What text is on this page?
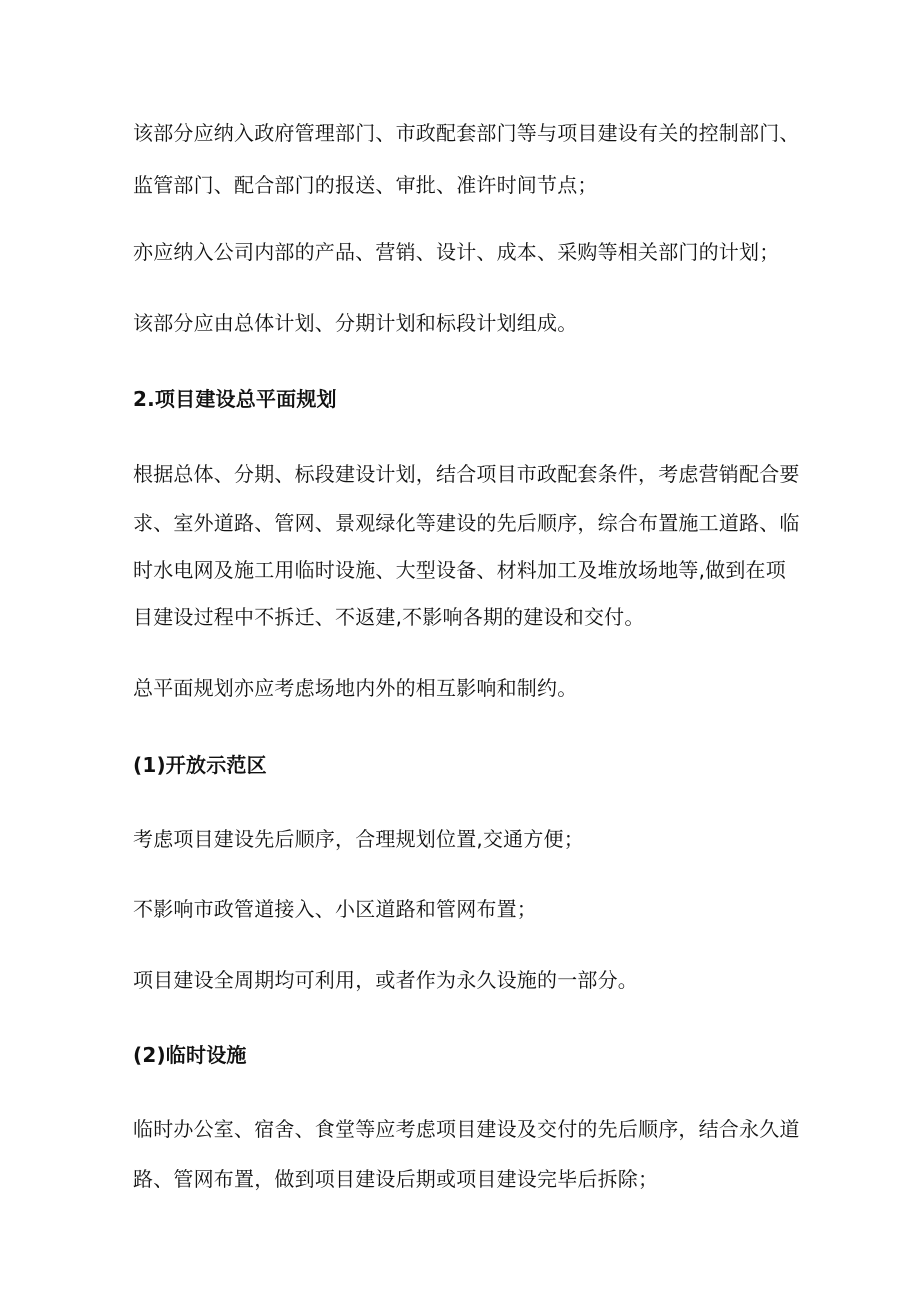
该部分应纳入政府管理部门、市政配套部门等与项目建设有关的控制部门、
监管部门、配合部门的报送、审批、准许时间节点；
亦应纳入公司内部的产品、营销、设计、成本、采购等相关部门的计划；
该部分应由总体计划、分期计划和标段计划组成。
2.项目建设总平面规划
根据总体、分期、标段建设计划，结合项目市政配套条件，考虑营销配合要
求、室外道路、管网、景观绿化等建设的先后顺序，综合布置施工道路、临
时水电网及施工用临时设施、大型设备、材料加工及堆放场地等,做到在项
目建设过程中不拆迁、不返建,不影响各期的建设和交付。
总平面规划亦应考虑场地内外的相互影响和制约。
(1)开放示范区
考虑项目建设先后顺序，合理规划位置,交通方便；
不影响市政管道接入、小区道路和管网布置；
项目建设全周期均可利用，或者作为永久设施的一部分。
(2)临时设施
临时办公室、宿舍、食堂等应考虑项目建设及交付的先后顺序，结合永久道
路、管网布置，做到项目建设后期或项目建设完毕后拆除；
